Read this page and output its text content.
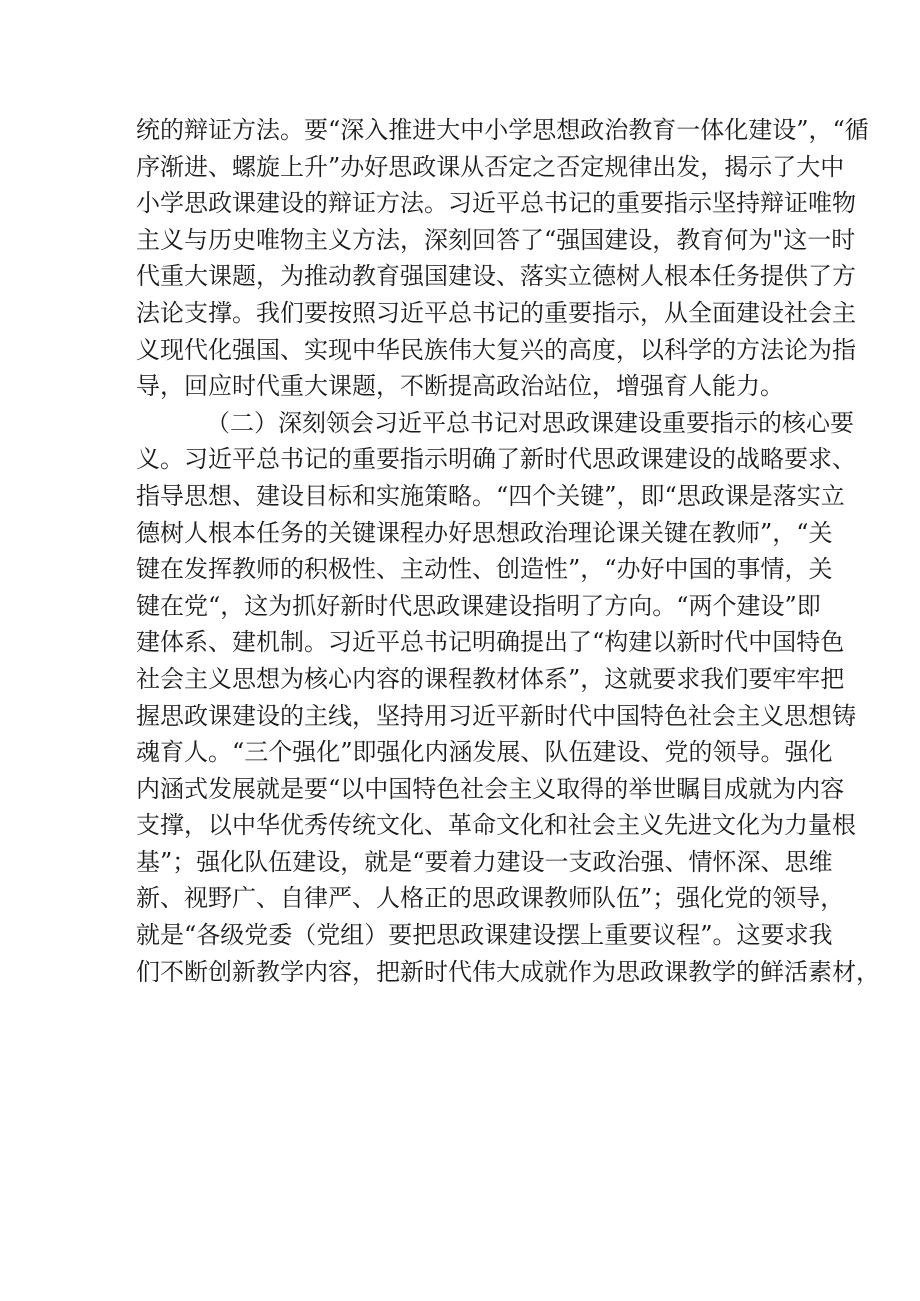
统的辩证方法。要“深入推进大中小学思想政治教育一体化建设”，“循
序渐进、螺旋上升”办好思政课从否定之否定规律出发，揭示了大中
小学思政课建设的辩证方法。习近平总书记的重要指示坚持辩证唯物
主义与历史唯物主义方法，深刻回答了“强国建设，教育何为"这一时
代重大课题，为推动教育强国建设、落实立德树人根本任务提供了方
法论支撑。我们要按照习近平总书记的重要指示，从全面建设社会主
义现代化强国、实现中华民族伟大复兴的高度，以科学的方法论为指
导，回应时代重大课题，不断提高政治站位，增强育人能力。
（二）深刻领会习近平总书记对思政课建设重要指示的核心要
义。习近平总书记的重要指示明确了新时代思政课建设的战略要求、
指导思想、建设目标和实施策略。“四个关键”，即“思政课是落实立
德树人根本任务的关键课程办好思想政治理论课关键在教师”，“关
键在发挥教师的积极性、主动性、创造性”，“办好中国的事情，关
键在党“，这为抓好新时代思政课建设指明了方向。“两个建设”即
建体系、建机制。习近平总书记明确提出了“构建以新时代中国特色
社会主义思想为核心内容的课程教材体系”，这就要求我们要牢牢把
握思政课建设的主线，坚持用习近平新时代中国特色社会主义思想铸
魂育人。“三个强化”即强化内涵发展、队伍建设、党的领导。强化
内涵式发展就是要“以中国特色社会主义取得的举世瞩目成就为内容
支撑，以中华优秀传统文化、革命文化和社会主义先进文化为力量根
基”；强化队伍建设，就是“要着力建设一支政治强、情怀深、思维
新、视野广、自律严、人格正的思政课教师队伍”；强化党的领导，
就是“各级党委（党组）要把思政课建设摆上重要议程”。这要求我
们不断创新教学内容，把新时代伟大成就作为思政课教学的鲜活素材，
